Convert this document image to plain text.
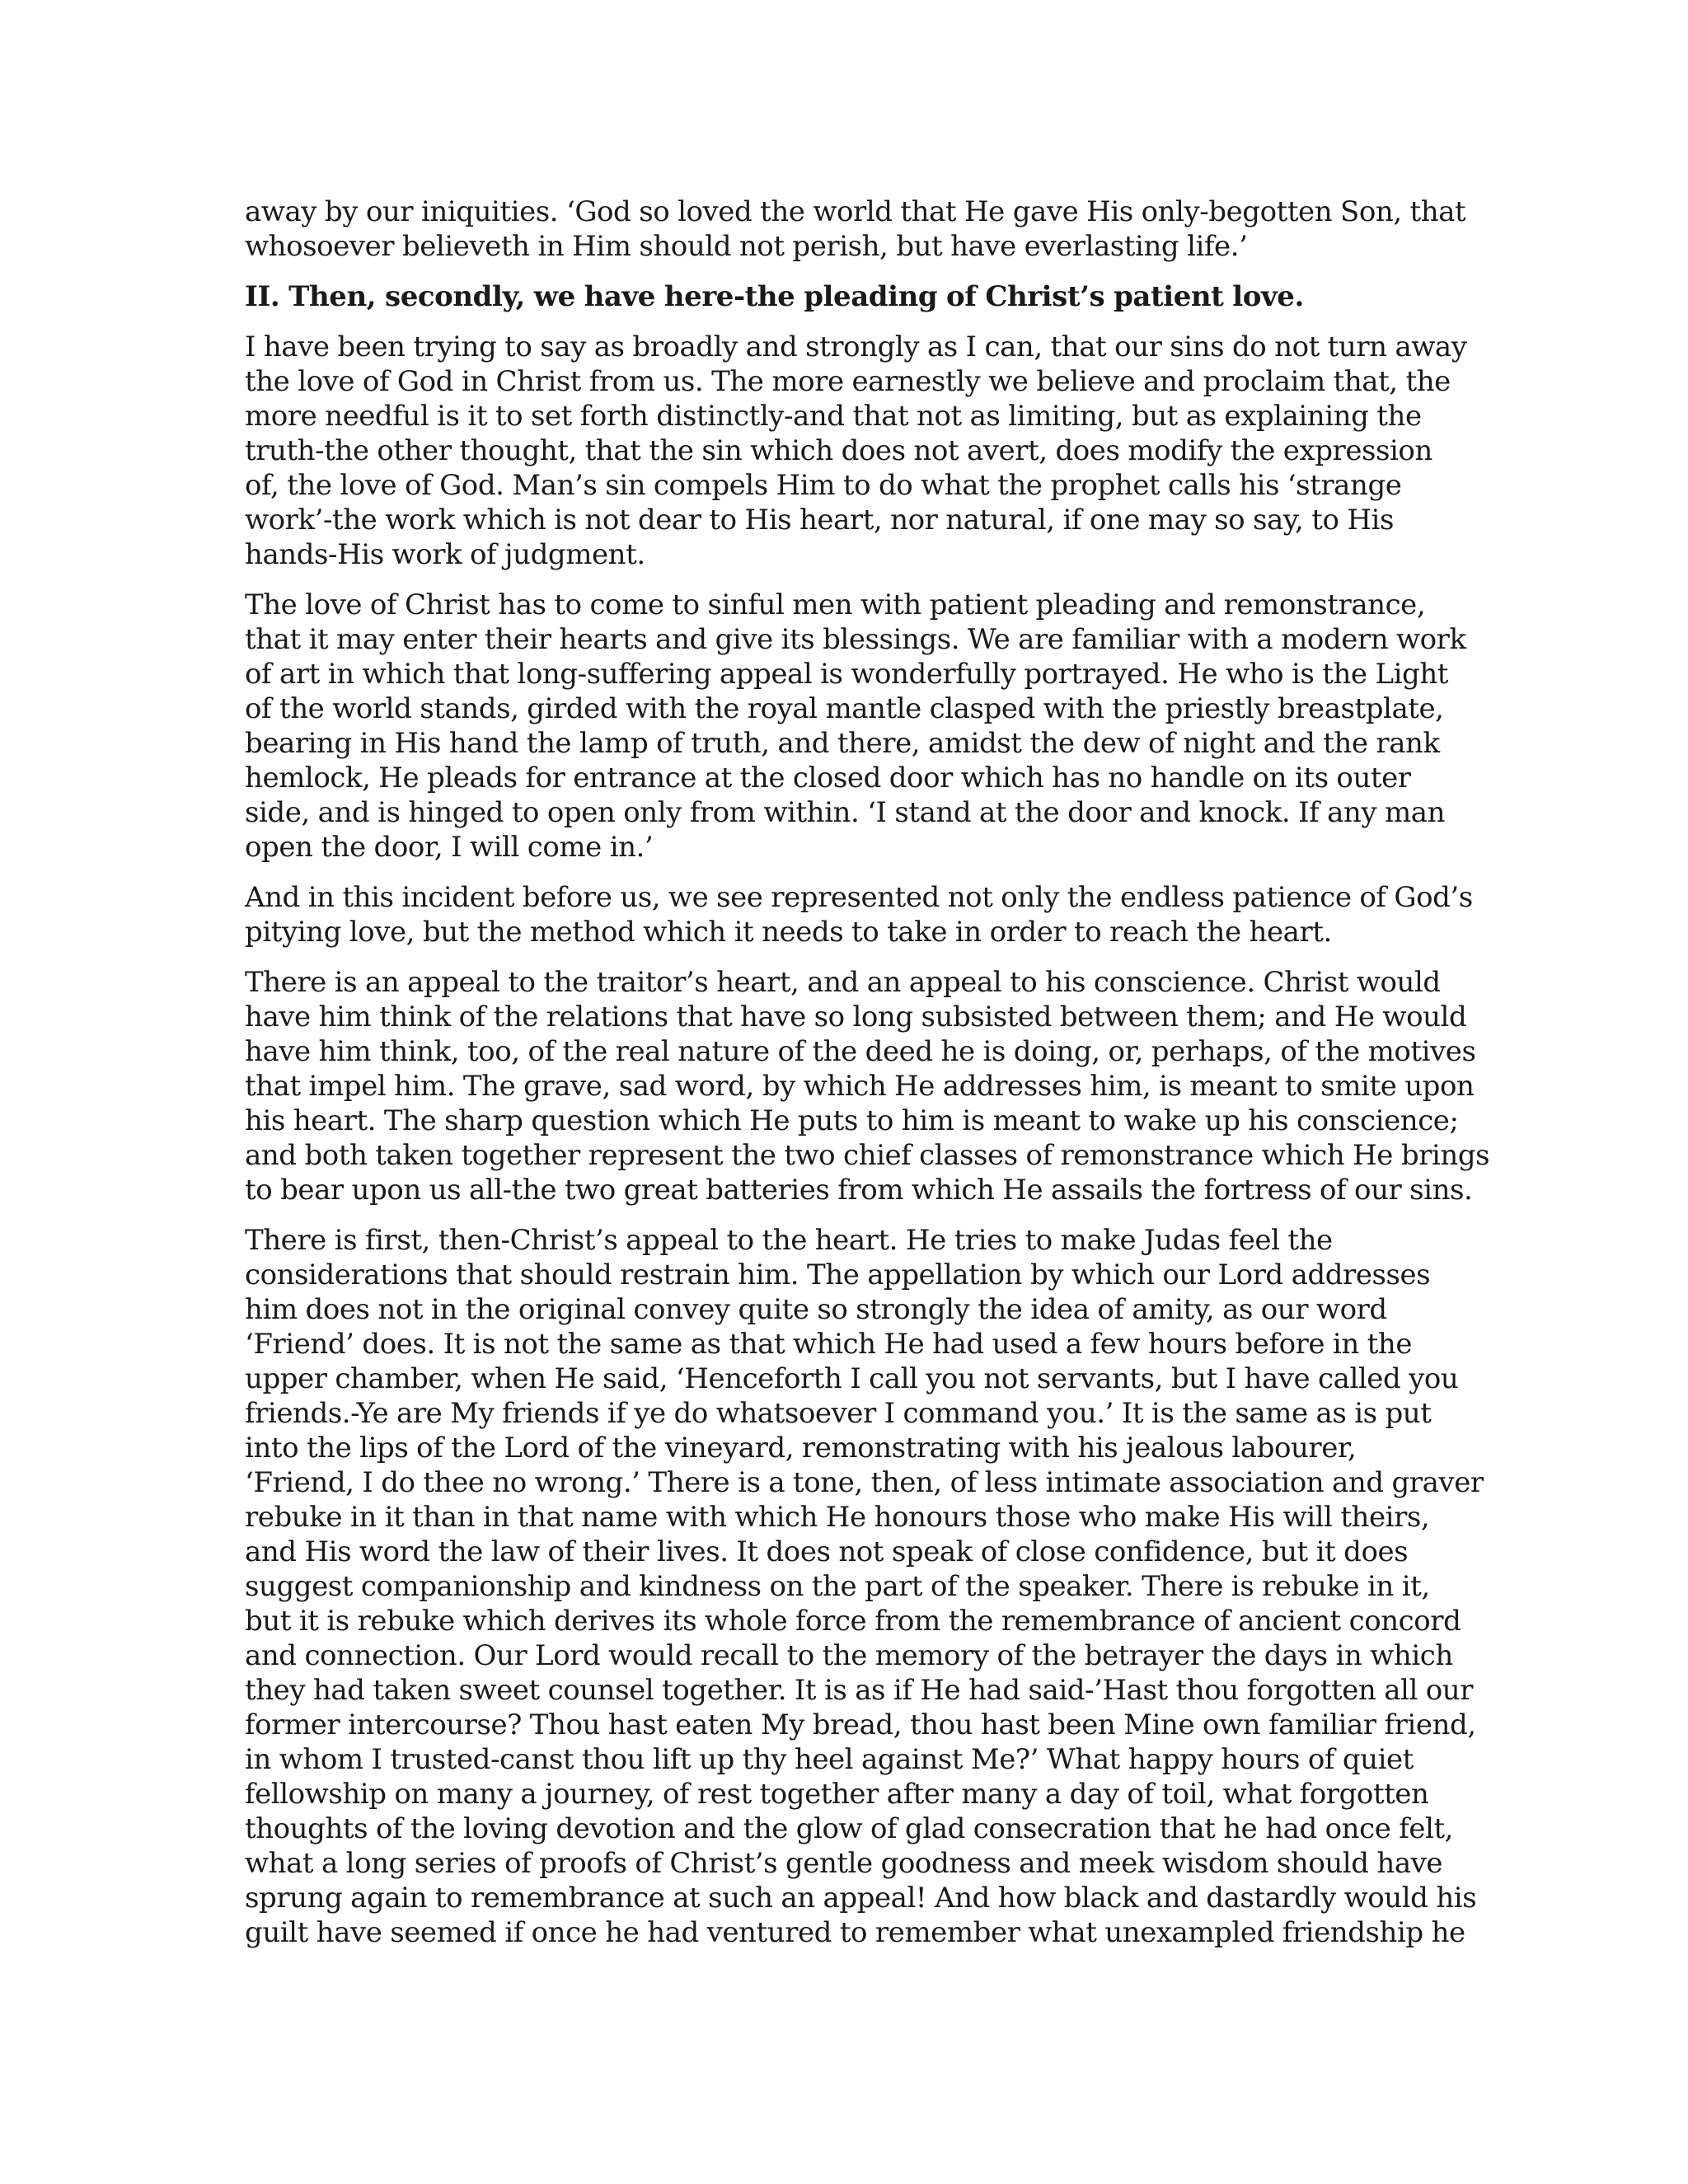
away by our iniquities. ‘God so loved the world that He gave His only-begotten Son, that
whosoever believeth in Him should not perish, but have everlasting life.’
II. Then, secondly, we have here-the pleading of Christ’s patient love.
I have been trying to say as broadly and strongly as I can, that our sins do not turn away
the love of God in Christ from us. The more earnestly we believe and proclaim that, the
more needful is it to set forth distinctly-and that not as limiting, but as explaining the
truth-the other thought, that the sin which does not avert, does modify the expression
of, the love of God. Man’s sin compels Him to do what the prophet calls his ‘strange
work’-the work which is not dear to His heart, nor natural, if one may so say, to His
hands-His work of judgment.
The love of Christ has to come to sinful men with patient pleading and remonstrance,
that it may enter their hearts and give its blessings. We are familiar with a modern work
of art in which that long-suffering appeal is wonderfully portrayed. He who is the Light
of the world stands, girded with the royal mantle clasped with the priestly breastplate,
bearing in His hand the lamp of truth, and there, amidst the dew of night and the rank
hemlock, He pleads for entrance at the closed door which has no handle on its outer
side, and is hinged to open only from within. ‘I stand at the door and knock. If any man
open the door, I will come in.’
And in this incident before us, we see represented not only the endless patience of God’s
pitying love, but the method which it needs to take in order to reach the heart.
There is an appeal to the traitor’s heart, and an appeal to his conscience. Christ would
have him think of the relations that have so long subsisted between them; and He would
have him think, too, of the real nature of the deed he is doing, or, perhaps, of the motives
that impel him. The grave, sad word, by which He addresses him, is meant to smite upon
his heart. The sharp question which He puts to him is meant to wake up his conscience;
and both taken together represent the two chief classes of remonstrance which He brings
to bear upon us all-the two great batteries from which He assails the fortress of our sins.
There is first, then-Christ’s appeal to the heart. He tries to make Judas feel the
considerations that should restrain him. The appellation by which our Lord addresses
him does not in the original convey quite so strongly the idea of amity, as our word
‘Friend’ does. It is not the same as that which He had used a few hours before in the
upper chamber, when He said, ‘Henceforth I call you not servants, but I have called you
friends.-Ye are My friends if ye do whatsoever I command you.’ It is the same as is put
into the lips of the Lord of the vineyard, remonstrating with his jealous labourer,
‘Friend, I do thee no wrong.’ There is a tone, then, of less intimate association and graver
rebuke in it than in that name with which He honours those who make His will theirs,
and His word the law of their lives. It does not speak of close confidence, but it does
suggest companionship and kindness on the part of the speaker. There is rebuke in it,
but it is rebuke which derives its whole force from the remembrance of ancient concord
and connection. Our Lord would recall to the memory of the betrayer the days in which
they had taken sweet counsel together. It is as if He had said-’Hast thou forgotten all our
former intercourse? Thou hast eaten My bread, thou hast been Mine own familiar friend,
in whom I trusted-canst thou lift up thy heel against Me?’ What happy hours of quiet
fellowship on many a journey, of rest together after many a day of toil, what forgotten
thoughts of the loving devotion and the glow of glad consecration that he had once felt,
what a long series of proofs of Christ’s gentle goodness and meek wisdom should have
sprung again to remembrance at such an appeal! And how black and dastardly would his
guilt have seemed if once he had ventured to remember what unexampled friendship he
